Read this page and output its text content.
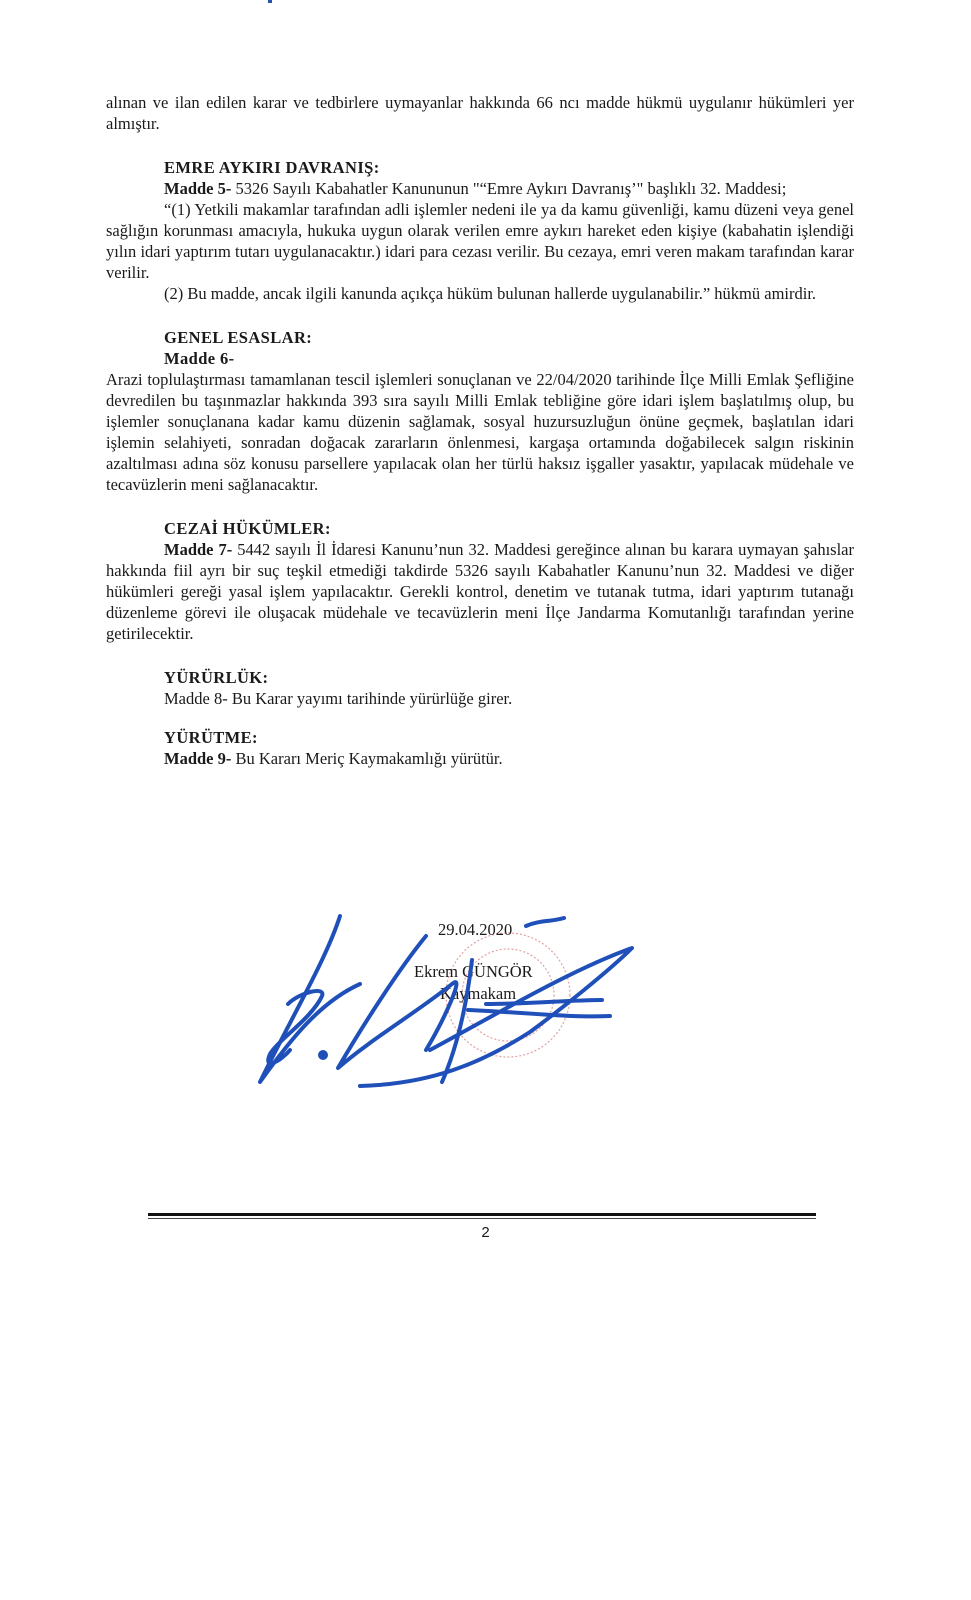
alınan ve ilan edilen karar ve tedbirlere uymayanlar hakkında 66 ncı madde hükmü uygulanır hükümleri yer almıştır.

EMRE AYKIRI DAVRANIŞ:

Madde 5- 5326 Sayılı Kabahatler Kanununun "“Emre Aykırı Davranış’" başlıklı 32. Maddesi;

“(1) Yetkili makamlar tarafından adli işlemler nedeni ile ya da kamu güvenliği, kamu düzeni veya genel sağlığın korunması amacıyla, hukuka uygun olarak verilen emre aykırı hareket eden kişiye (kabahatin işlendiği yılın idari yaptırım tutarı uygulanacaktır.) idari para cezası verilir. Bu cezaya, emri veren makam tarafından karar verilir.

(2) Bu madde, ancak ilgili kanunda açıkça hüküm bulunan hallerde uygulanabilir.” hükmü amirdir.

GENEL ESASLAR:

Madde 6-

Arazi toplulaştırması tamamlanan tescil işlemleri sonuçlanan ve 22/04/2020 tarihinde İlçe Milli Emlak Şefliğine devredilen bu taşınmazlar hakkında 393 sıra sayılı Milli Emlak tebliğine göre idari işlem başlatılmış olup, bu işlemler sonuçlanana kadar kamu düzenin sağlamak, sosyal huzursuzluğun önüne geçmek, başlatılan idari işlemin selahiyeti, sonradan doğacak zararların önlenmesi, kargaşa ortamında doğabilecek salgın riskinin azaltılması adına söz konusu parsellere yapılacak olan her türlü haksız işgaller yasaktır, yapılacak müdehale ve tecavüzlerin meni sağlanacaktır.

CEZAİ HÜKÜMLER:

Madde 7- 5442 sayılı İl İdaresi Kanunu’nun 32. Maddesi gereğince alınan bu karara uymayan şahıslar hakkında fiil ayrı bir suç teşkil etmediği takdirde 5326 sayılı Kabahatler Kanunu’nun 32. Maddesi ve diğer hükümleri gereği yasal işlem yapılacaktır. Gerekli kontrol, denetim ve tutanak tutma, idari yaptırım tutanağı düzenleme görevi ile oluşacak müdehale ve tecavüzlerin meni İlçe Jandarma Komutanlığı tarafından yerine getirilecektir.

YÜRÜRLÜK:

Madde 8- Bu Karar yayımı tarihinde yürürlüğe girer.

YÜRÜTME:

Madde 9- Bu Kararı Meriç Kaymakamlığı yürütür.

29.04.2020
Ekrem GÜNGÖR
Kaymakam
2
